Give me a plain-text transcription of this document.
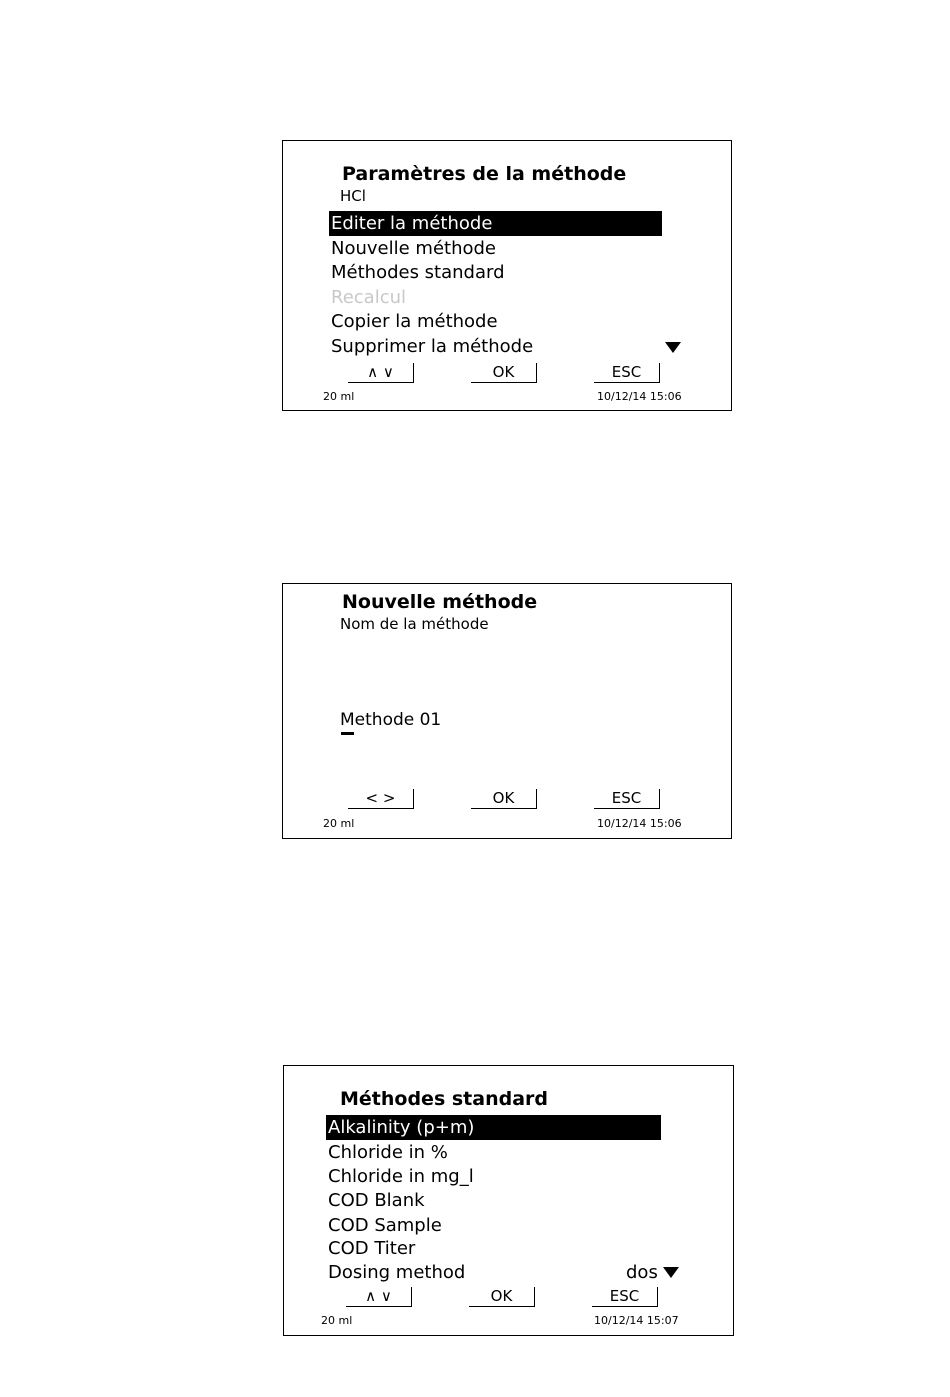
Paramètres de la méthode
HCl
Editer la méthode
Nouvelle méthode
Méthodes standard
Recalcul
Copier la méthode
Supprimer la méthode
∧ ∨	OK	ESC
20 ml	10/12/14 15:06
Nouvelle méthode
Nom de la méthode
Methode 01
< >	OK	ESC
20 ml	10/12/14 15:06
Méthodes standard
Alkalinity (p+m)
Chloride in %
Chloride in mg_l
COD Blank
COD Sample
COD Titer
Dosing method	dos
∧ ∨	OK	ESC
20 ml	10/12/14 15:07
